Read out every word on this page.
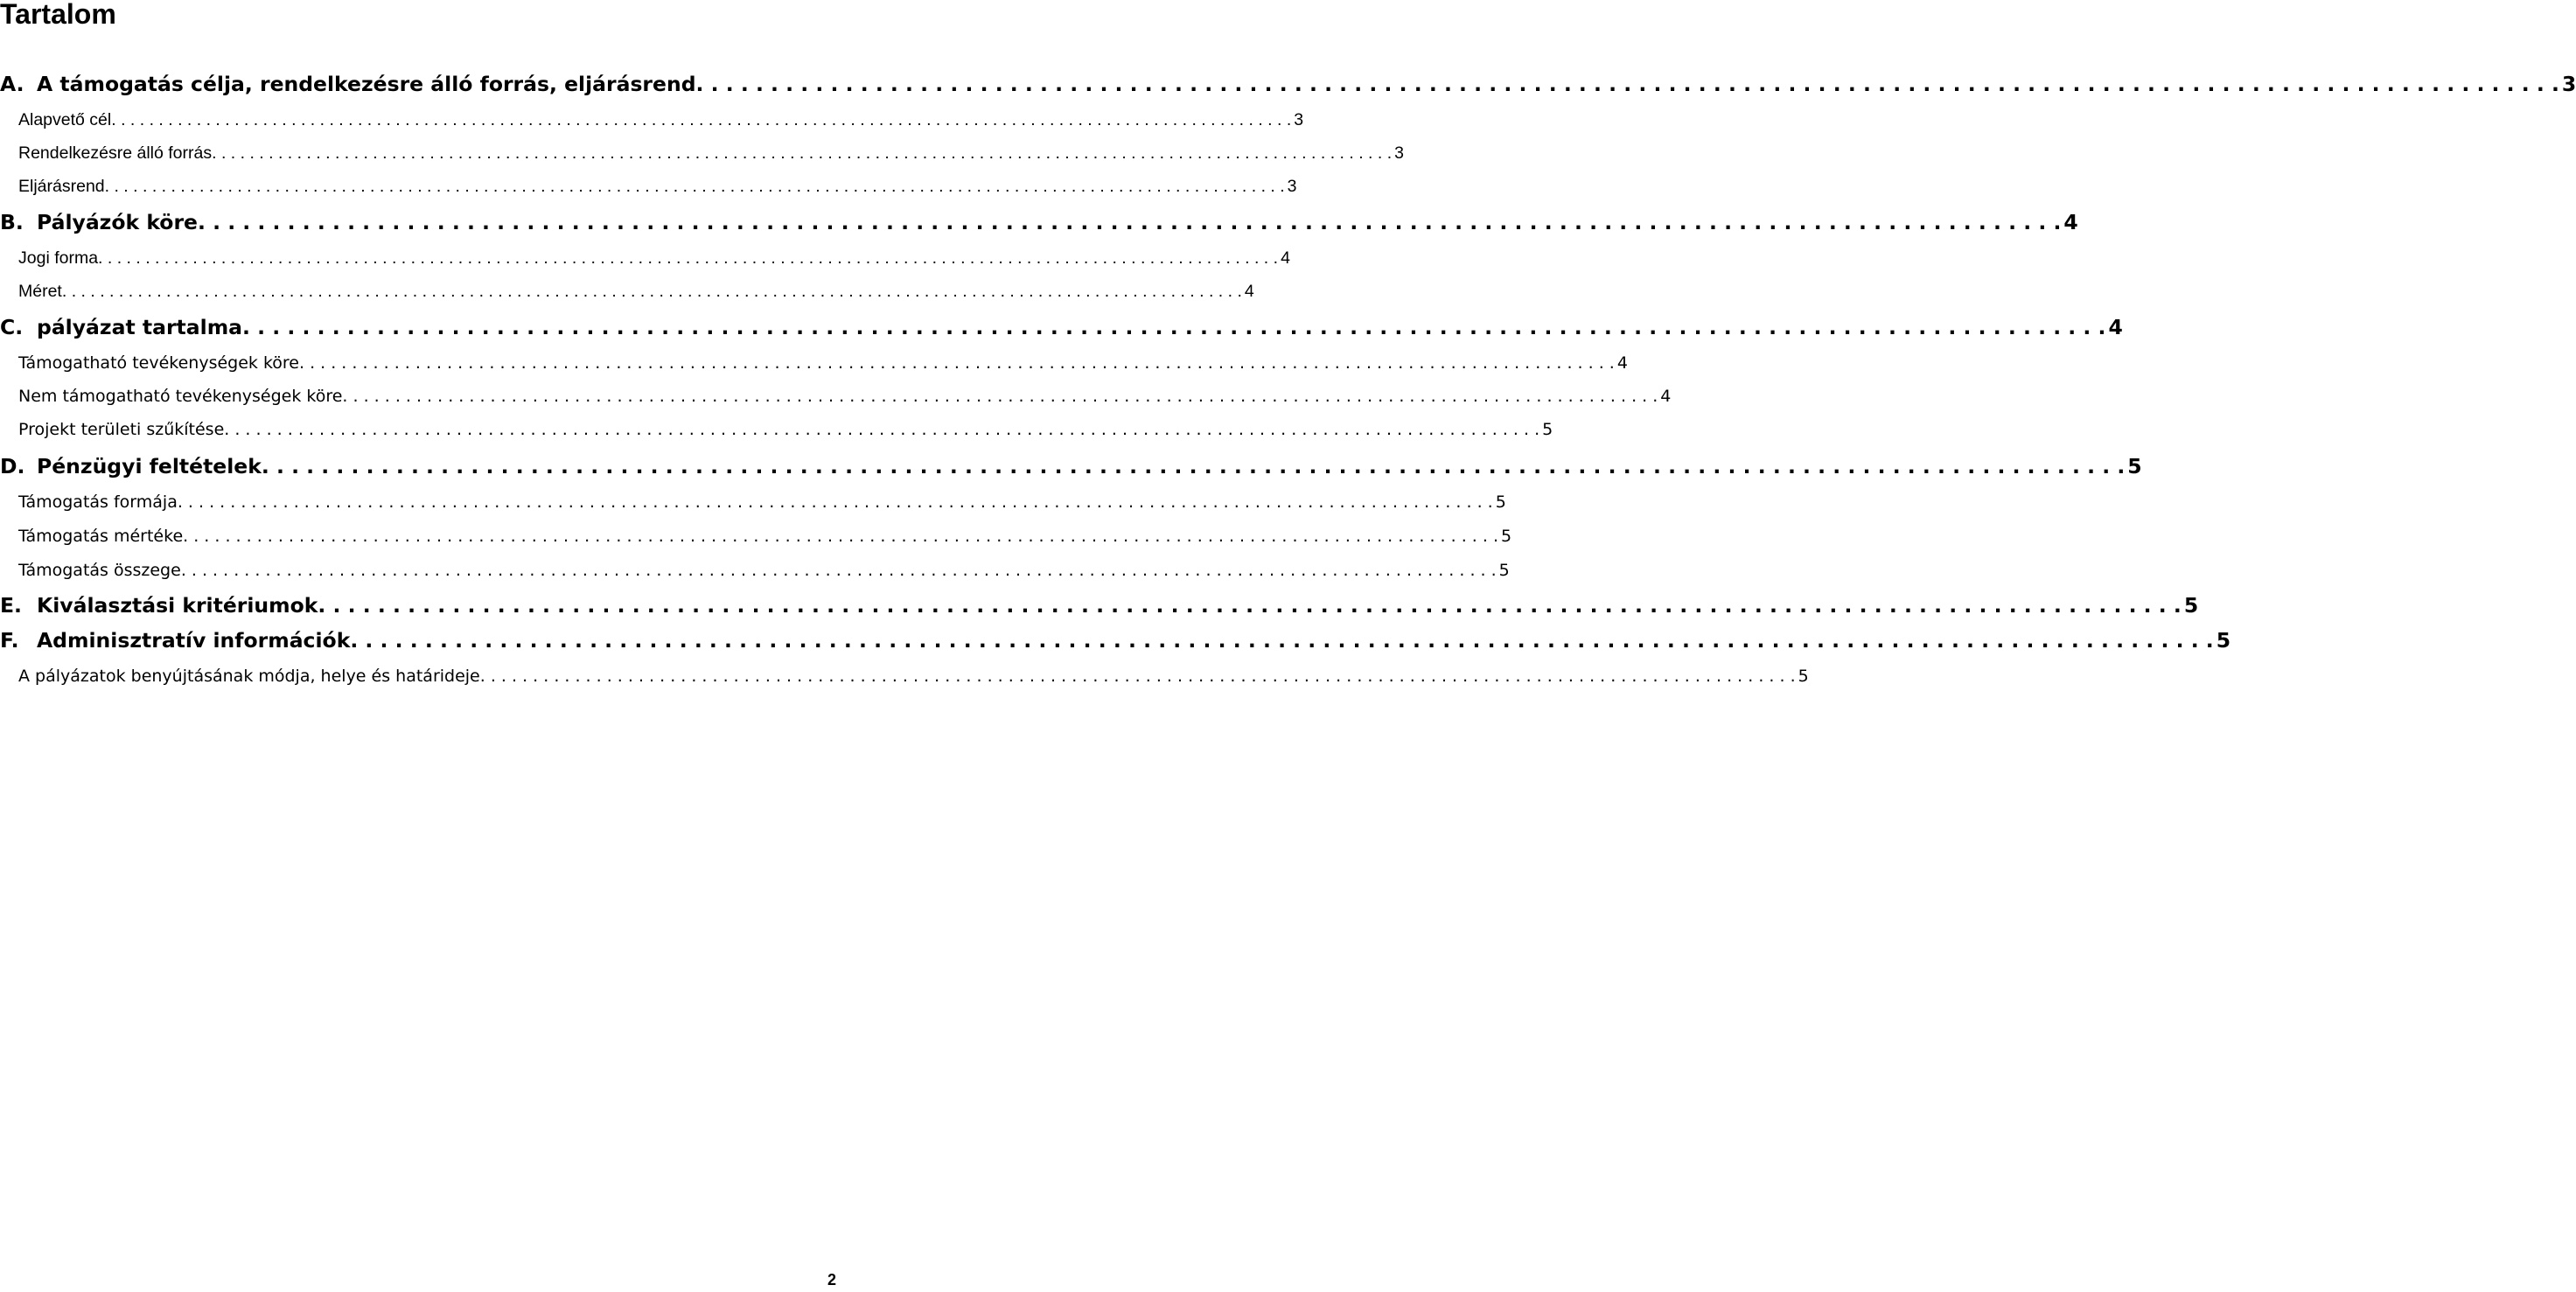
Tartalom
A. A támogatás célja, rendelkezésre álló forrás, eljárásrend . . . . . . . . . . . . . . . . . . . . . . . . . . . . . . . . . . . . . . . . . . . . . . . . . . . . . . . . . . . . . . . . . . . . . . . . . . . . . . . . . . . . . . . . . . . . . . . . . . . . . . . . . . . . . . . . . . . . . . . . . . . . . 3
Alapvető cél . . . . . . . . . . . . . . . . . . . . . . . . . . . . . . . . . . . . . . . . . . . . . . . . . . . . . . . . . . . . . . . . . . . . . . . . . . . . . . . . . . . . . . . . . . . . . . . . . . . . . . . . . . . . . . . . . . . . . . . . . . . . . 3
Rendelkezésre álló forrás . . . . . . . . . . . . . . . . . . . . . . . . . . . . . . . . . . . . . . . . . . . . . . . . . . . . . . . . . . . . . . . . . . . . . . . . . . . . . . . . . . . . . . . . . . . . . . . . . . . . . . . . . . . . . . . . . . . . . . . . . . . . . 3
Eljárásrend . . . . . . . . . . . . . . . . . . . . . . . . . . . . . . . . . . . . . . . . . . . . . . . . . . . . . . . . . . . . . . . . . . . . . . . . . . . . . . . . . . . . . . . . . . . . . . . . . . . . . . . . . . . . . . . . . . . . . . . . . . . . . 3
B. Pályázók köre . . . . . . . . . . . . . . . . . . . . . . . . . . . . . . . . . . . . . . . . . . . . . . . . . . . . . . . . . . . . . . . . . . . . . . . . . . . . . . . . . . . . . . . . . . . . . . . . . . . . . . . . . . . . . . . . . . . . . . . . . . . . . 4
Jogi forma . . . . . . . . . . . . . . . . . . . . . . . . . . . . . . . . . . . . . . . . . . . . . . . . . . . . . . . . . . . . . . . . . . . . . . . . . . . . . . . . . . . . . . . . . . . . . . . . . . . . . . . . . . . . . . . . . . . . . . . . . . . . . 4
Méret . . . . . . . . . . . . . . . . . . . . . . . . . . . . . . . . . . . . . . . . . . . . . . . . . . . . . . . . . . . . . . . . . . . . . . . . . . . . . . . . . . . . . . . . . . . . . . . . . . . . . . . . . . . . . . . . . . . . . . . . . . . . . 4
C. pályázat tartalma . . . . . . . . . . . . . . . . . . . . . . . . . . . . . . . . . . . . . . . . . . . . . . . . . . . . . . . . . . . . . . . . . . . . . . . . . . . . . . . . . . . . . . . . . . . . . . . . . . . . . . . . . . . . . . . . . . . . . . . . . . . . . 4
Támogatható tevékenységek köre . . . . . . . . . . . . . . . . . . . . . . . . . . . . . . . . . . . . . . . . . . . . . . . . . . . . . . . . . . . . . . . . . . . . . . . . . . . . . . . . . . . . . . . . . . . . . . . . . . . . . . . . . . . . . . . . . . . . . . . . . . . . . 4
Nem támogatható tevékenységek köre . . . . . . . . . . . . . . . . . . . . . . . . . . . . . . . . . . . . . . . . . . . . . . . . . . . . . . . . . . . . . . . . . . . . . . . . . . . . . . . . . . . . . . . . . . . . . . . . . . . . . . . . . . . . . . . . . . . . . . . . . . . . . 4
Projekt területi szűkítése . . . . . . . . . . . . . . . . . . . . . . . . . . . . . . . . . . . . . . . . . . . . . . . . . . . . . . . . . . . . . . . . . . . . . . . . . . . . . . . . . . . . . . . . . . . . . . . . . . . . . . . . . . . . . . . . . . . . . . . . . . . . . 5
D. Pénzügyi feltételek . . . . . . . . . . . . . . . . . . . . . . . . . . . . . . . . . . . . . . . . . . . . . . . . . . . . . . . . . . . . . . . . . . . . . . . . . . . . . . . . . . . . . . . . . . . . . . . . . . . . . . . . . . . . . . . . . . . . . . . . . . . . . 5
Támogatás formája . . . . . . . . . . . . . . . . . . . . . . . . . . . . . . . . . . . . . . . . . . . . . . . . . . . . . . . . . . . . . . . . . . . . . . . . . . . . . . . . . . . . . . . . . . . . . . . . . . . . . . . . . . . . . . . . . . . . . . . . . . . . . 5
Támogatás mértéke . . . . . . . . . . . . . . . . . . . . . . . . . . . . . . . . . . . . . . . . . . . . . . . . . . . . . . . . . . . . . . . . . . . . . . . . . . . . . . . . . . . . . . . . . . . . . . . . . . . . . . . . . . . . . . . . . . . . . . . . . . . . . 5
Támogatás összege . . . . . . . . . . . . . . . . . . . . . . . . . . . . . . . . . . . . . . . . . . . . . . . . . . . . . . . . . . . . . . . . . . . . . . . . . . . . . . . . . . . . . . . . . . . . . . . . . . . . . . . . . . . . . . . . . . . . . . . . . . . . . 5
E. Kiválasztási kritériumok . . . . . . . . . . . . . . . . . . . . . . . . . . . . . . . . . . . . . . . . . . . . . . . . . . . . . . . . . . . . . . . . . . . . . . . . . . . . . . . . . . . . . . . . . . . . . . . . . . . . . . . . . . . . . . . . . . . . . . . . . . . . . 5
F. Adminisztratív információk . . . . . . . . . . . . . . . . . . . . . . . . . . . . . . . . . . . . . . . . . . . . . . . . . . . . . . . . . . . . . . . . . . . . . . . . . . . . . . . . . . . . . . . . . . . . . . . . . . . . . . . . . . . . . . . . . . . . . . . . . . . . . 5
A pályázatok benyújtásának módja, helye és határideje . . . . . . . . . . . . . . . . . . . . . . . . . . . . . . . . . . . . . . . . . . . . . . . . . . . . . . . . . . . . . . . . . . . . . . . . . . . . . . . . . . . . . . . . . . . . . . . . . . . . . . . . . . . . . . . . . . . . . . . . . . . . . 5
2
